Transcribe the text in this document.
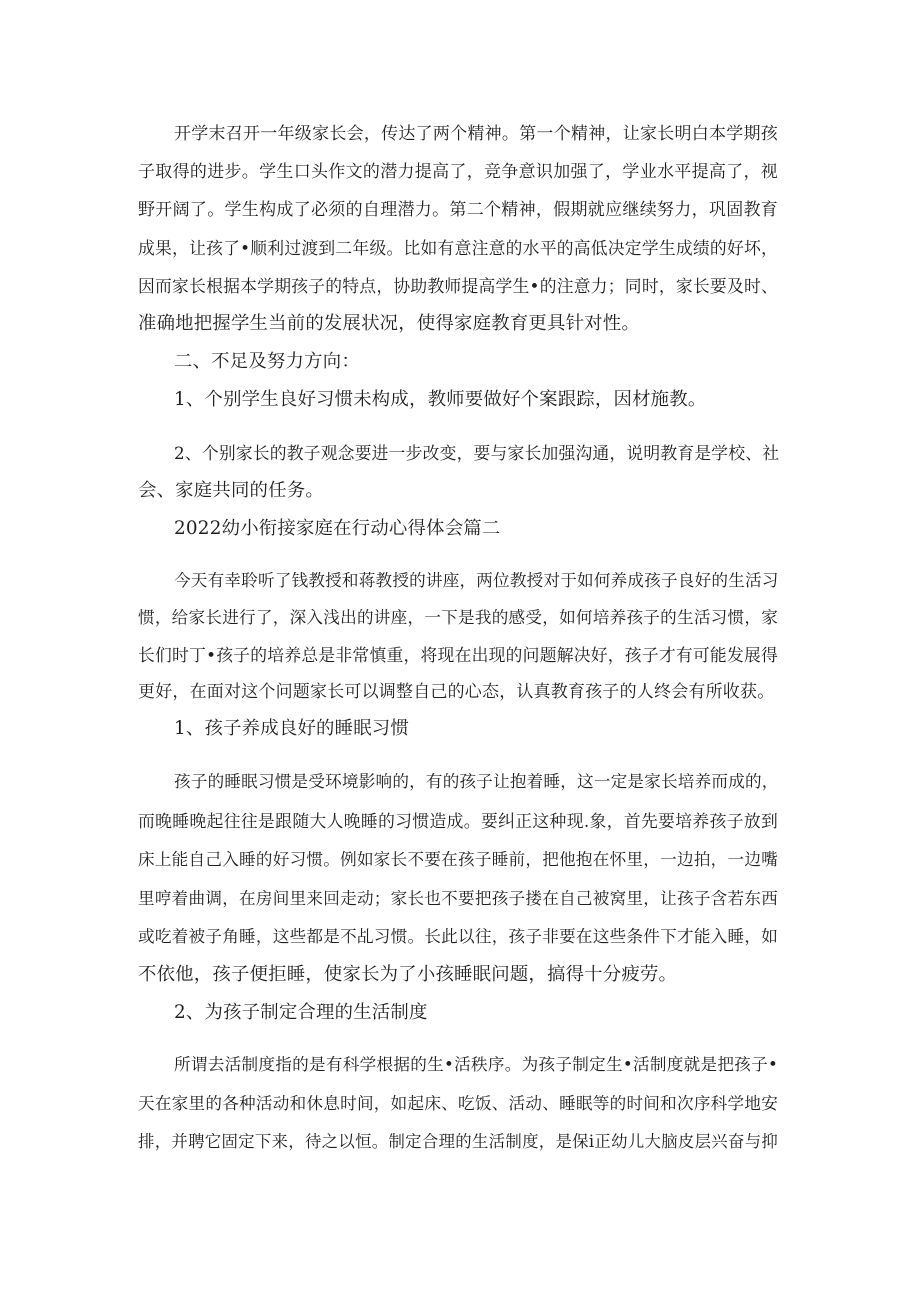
开学末召开一年级家长会，传达了两个精神。第一个精神，让家长明白本学期孩
子取得的进步。学生口头作文的潜力提高了，竞争意识加强了，学业水平提高了，视
野开阔了。学生构成了必须的自理潜力。第二个精神，假期就应继续努力，巩固教育
成果，让孩了•顺利过渡到二年级。比如有意注意的水平的高低决定学生成绩的好坏，
因而家长根据本学期孩子的特点，协助教师提高学生•的注意力；同时，家长要及时、
准确地把握学生当前的发展状况，使得家庭教育更具针对性。
二、不足及努力方向：
1、个别学生良好习惯未构成，教师要做好个案跟踪，因材施教。
2、个别家长的教子观念要进一步改变，要与家长加强沟通，说明教育是学校、社
会、家庭共同的任务。
2022幼小衔接家庭在行动心得体会篇二
今天有幸聆听了钱教授和蒋教授的讲座，两位教授对于如何养成孩子良好的生活习
惯，给家长进行了，深入浅出的讲座，一下是我的感受，如何培养孩子的生活习惯，家
长们时丁•孩子的培养总是非常慎重，将现在出现的问题解决好，孩子才有可能发展得
更好，在面对这个问题家长可以调整自己的心态，认真教育孩子的人终会有所收获。
1、孩子养成良好的睡眠习惯
孩子的睡眠习惯是受环境影响的，有的孩子让抱着睡，这一定是家长培养而成的，
而晚睡晚起往往是跟随大人晚睡的习惯造成。要纠正这种现.象，首先要培养孩子放到
床上能自己入睡的好习惯。例如家长不要在孩子睡前，把他抱在怀里，一边拍，一边嘴
里哼着曲调，在房间里来回走动；家长也不要把孩子搂在自己被窝里，让孩子含若东西
或吃着被子角睡，这些都是不乩习惯。长此以往，孩子非要在这些条件下才能入睡，如
不依他，孩子便拒睡，使家长为了小孩睡眠问题，搞得十分疲劳。
2、为孩子制定合理的生活制度
所谓去活制度指的是有科学根据的生•活秩序。为孩子制定生•活制度就是把孩子•
天在家里的各种活动和休息时间，如起床、吃饭、活动、睡眠等的时间和次序科学地安
排，并聘它固定下来，待之以恒。制定合理的生活制度，是保i正幼儿大脑皮层兴奋与抑
